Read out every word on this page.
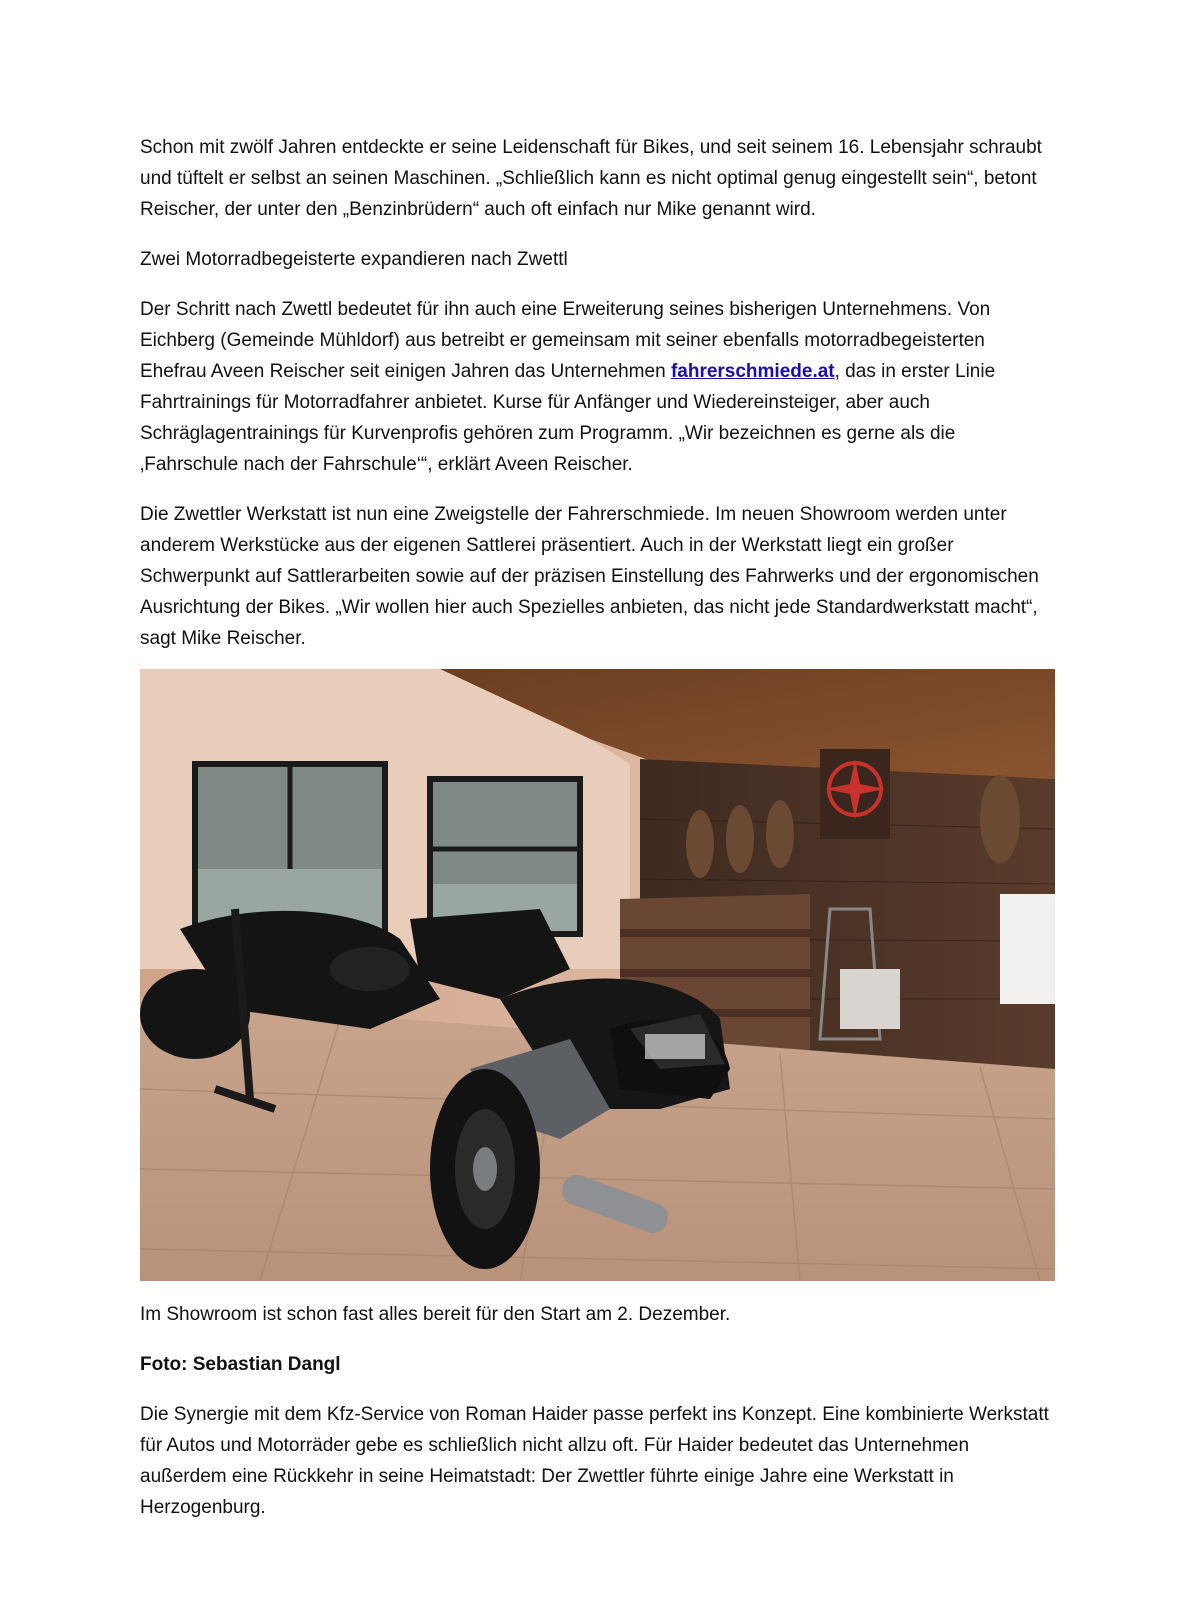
Schon mit zwölf Jahren entdeckte er seine Leidenschaft für Bikes, und seit seinem 16. Lebensjahr schraubt und tüftelt er selbst an seinen Maschinen. „Schließlich kann es nicht optimal genug eingestellt sein“, betont Reischer, der unter den „Benzinbrüdern“ auch oft einfach nur Mike genannt wird.

Zwei Motorradbegeisterte expandieren nach Zwettl

Der Schritt nach Zwettl bedeutet für ihn auch eine Erweiterung seines bisherigen Unternehmens. Von Eichberg (Gemeinde Mühldorf) aus betreibt er gemeinsam mit seiner ebenfalls motorradbegeisterten Ehefrau Aveen Reischer seit einigen Jahren das Unternehmen fahrerschmiede.at, das in erster Linie Fahrtrainings für Motorradfahrer anbietet. Kurse für Anfänger und Wiedereinsteiger, aber auch Schräglagentrainings für Kurvenprofis gehören zum Programm. „Wir bezeichnen es gerne als die ‚Fahrschule nach der Fahrschule‘“, erklärt Aveen Reischer.

Die Zwettler Werkstatt ist nun eine Zweigstelle der Fahrerschmiede. Im neuen Showroom werden unter anderem Werkstücke aus der eigenen Sattlerei präsentiert. Auch in der Werkstatt liegt ein großer Schwerpunkt auf Sattlerarbeiten sowie auf der präzisen Einstellung des Fahrwerks und der ergonomischen Ausrichtung der Bikes. „Wir wollen hier auch Spezielles anbieten, das nicht jede Standardwerkstatt macht“, sagt Mike Reischer.

Im Showroom ist schon fast alles bereit für den Start am 2. Dezember.

Foto: Sebastian Dangl

Die Synergie mit dem Kfz-Service von Roman Haider passe perfekt ins Konzept. Eine kombinierte Werkstatt für Autos und Motorräder gebe es schließlich nicht allzu oft. Für Haider bedeutet das Unternehmen außerdem eine Rückkehr in seine Heimatstadt: Der Zwettler führte einige Jahre eine Werkstatt in Herzogenburg.
